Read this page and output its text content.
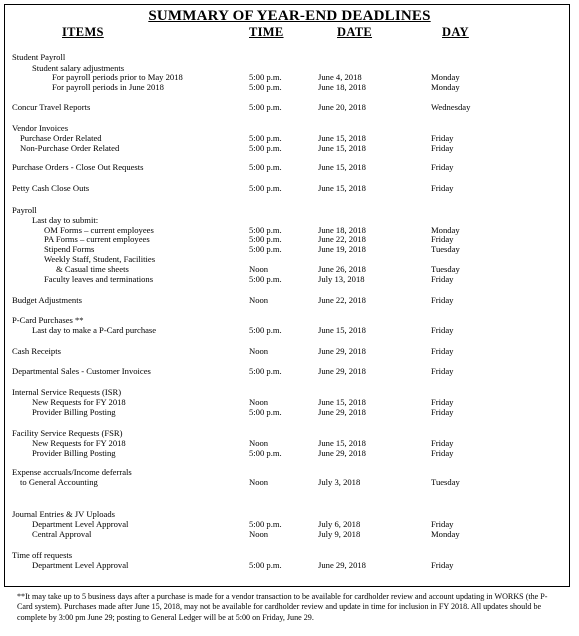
SUMMARY OF YEAR-END DEADLINES
ITEMS	TIME	DATE	DAY
Student Payroll
Student salary adjustments
For payroll periods prior to May 2018	5:00 p.m.	June 4, 2018	Monday
For payroll periods in June 2018	5:00 p.m.	June 18, 2018	Monday
Concur Travel Reports	5:00 p.m.	June 20, 2018	Wednesday
Vendor Invoices
Purchase Order Related	5:00 p.m.	June 15, 2018	Friday
Non-Purchase Order Related	5:00 p.m.	June 15, 2018	Friday
Purchase Orders - Close Out Requests	5:00 p.m.	June 15, 2018	Friday
Petty Cash Close Outs	5:00 p.m.	June 15, 2018	Friday
Payroll
Last day to submit:
OM Forms – current employees	5:00 p.m.	June 18, 2018	Monday
PA Forms – current employees	5:00 p.m.	June 22, 2018	Friday
Stipend Forms	5:00 p.m.	June 19, 2018	Tuesday
Weekly Staff, Student, Facilities
& Casual time sheets	Noon	June 26, 2018	Tuesday
Faculty leaves and terminations	5:00 p.m.	July 13, 2018	Friday
Budget Adjustments	Noon	June 22, 2018	Friday
P-Card Purchases **
Last day to make a P-Card purchase	5:00 p.m.	June 15, 2018	Friday
Cash Receipts	Noon	June 29, 2018	Friday
Departmental Sales - Customer Invoices	5:00 p.m.	June 29, 2018	Friday
Internal Service Requests (ISR)
New Requests for FY 2018	Noon	June 15, 2018	Friday
Provider Billing Posting	5:00 p.m.	June 29, 2018	Friday
Facility Service Requests (FSR)
New Requests for FY 2018	Noon	June 15, 2018	Friday
Provider Billing Posting	5:00 p.m.	June 29, 2018	Friday
Expense accruals/Income deferrals
to General Accounting	Noon	July 3, 2018	Tuesday
Journal Entries & JV Uploads
Department Level Approval	5:00 p.m.	July 6, 2018	Friday
Central Approval	Noon	July 9, 2018	Monday
Time off requests
Department Level Approval	5:00 p.m.	June 29, 2018	Friday
**It may take up to 5 business days after a purchase is made for a vendor transaction to be available for cardholder review and account updating in WORKS (the P-Card system). Purchases made after June 15, 2018, may not be available for cardholder review and update in time for inclusion in FY 2018. All updates should be complete by 3:00 pm June 29; posting to General Ledger will be at 5:00 on Friday, June 29.
